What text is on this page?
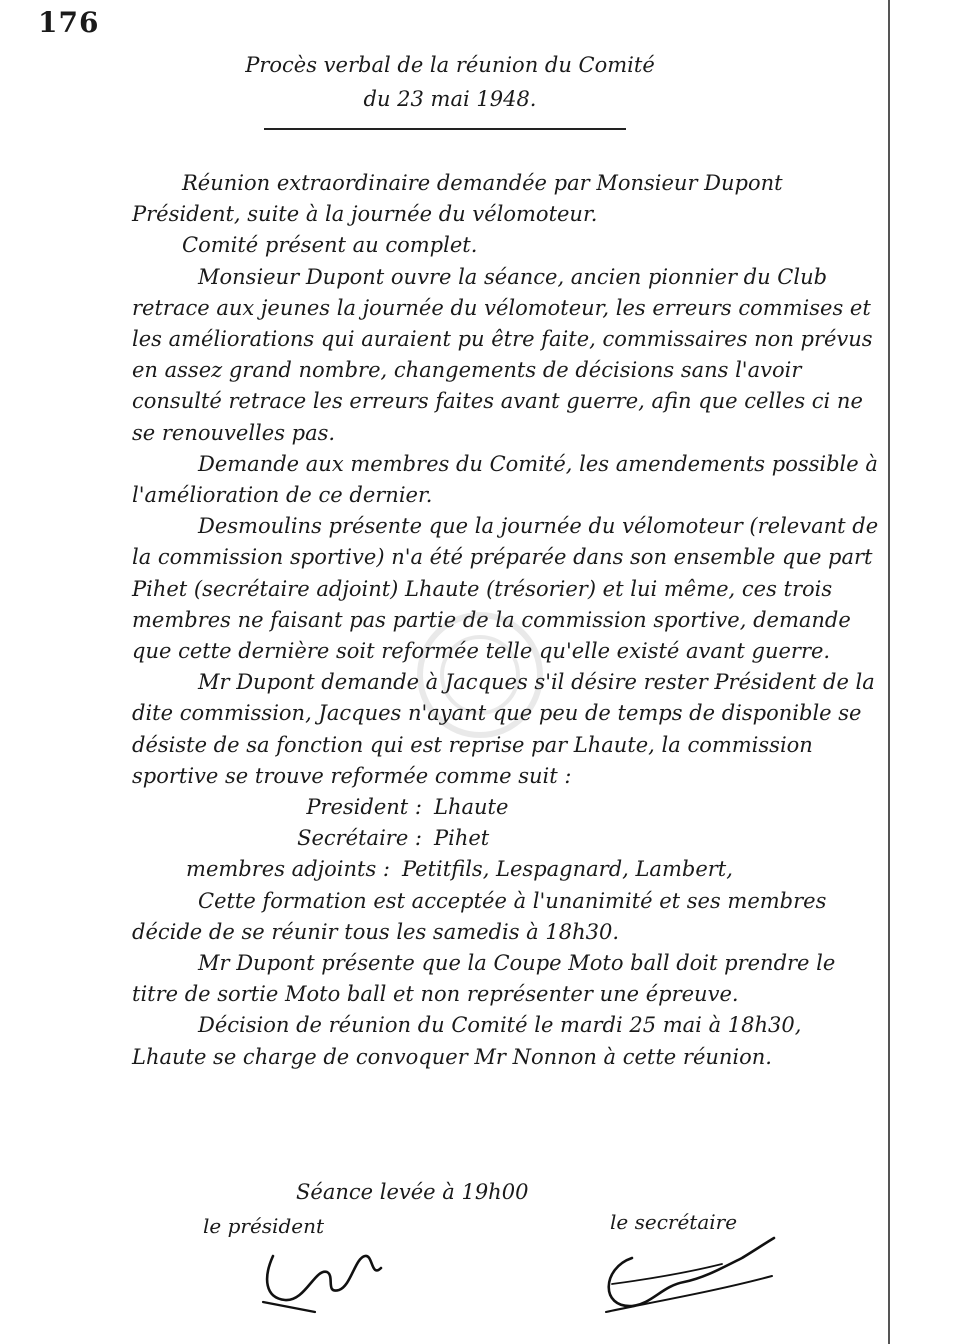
176
Procès verbal de la réunion du Comité
du 23 mai 1948.

Réunion extraordinaire demandée par Monsieur Dupont

Président, suite à la journée du vélomoteur.

Comité présent au complet.

Monsieur Dupont ouvre la séance, ancien pionnier du Club retrace aux jeunes la journée du vélomoteur, les erreurs commises et les améliorations qui auraient pu être faite, commissaires non prévus en assez grand nombre, changements de décisions sans l'avoir consulté retrace les erreurs faites avant guerre, afin que celles ci ne se renouvelles pas.

Demande aux membres du Comité, les amendements possible à l'amélioration de ce dernier.

Desmoulins présente que la journée du vélomoteur (relevant de la commission sportive) n'a été préparée dans son ensemble que part Pihet (secrétaire adjoint) Lhaute (trésorier) et lui même, ces trois membres ne faisant pas partie de la commission sportive, demande que cette dernière soit reformée telle qu'elle existé avant guerre.

Mr Dupont demande à Jacques s'il désire rester Président de la dite commission, Jacques n'ayant que peu de temps de disponible se désiste de sa fonction qui est reprise par Lhaute, la commission sportive se trouve reformée comme suit :

President : Lhaute
Secrétaire : Pihet
membres adjoints : Petitfils, Lespagnard, Lambert,

Cette formation est acceptée à l'unanimité et ses membres décide de se réunir tous les samedis à 18h30.

Mr Dupont présente que la Coupe Moto ball doit prendre le titre de sortie Moto ball et non représenter une épreuve.

Décision de réunion du Comité le mardi 25 mai à 18h30, Lhaute se charge de convoquer Mr Nonnon à cette réunion.

Séance levée à 19h00
le président	le secrétaire
